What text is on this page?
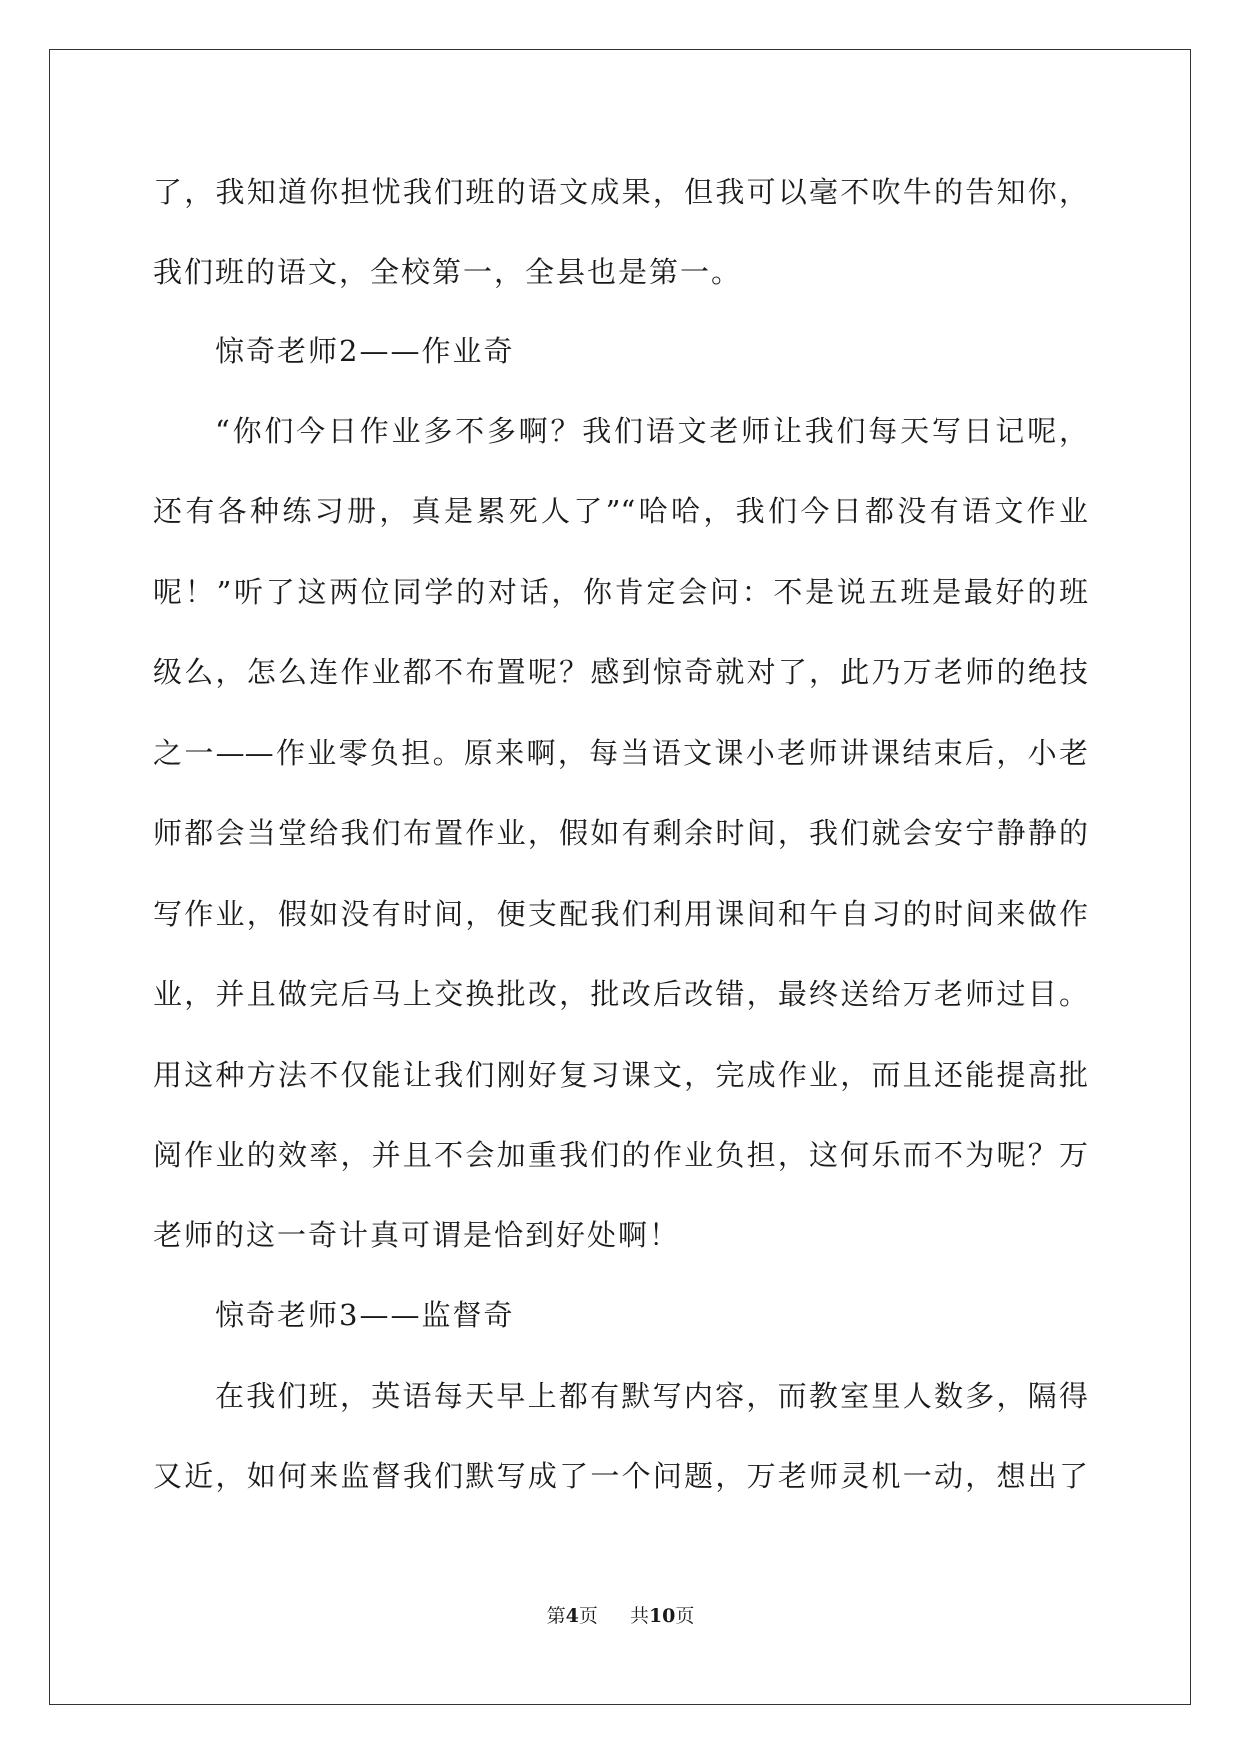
了，我知道你担忧我们班的语文成果，但我可以毫不吹牛的告知你，
我们班的语文，全校第一，全县也是第一。
惊奇老师2——作业奇
“你们今日作业多不多啊？我们语文老师让我们每天写日记呢，
还有各种练习册，真是累死人了”“哈哈，我们今日都没有语文作业
呢！”听了这两位同学的对话，你肯定会问：不是说五班是最好的班
级么，怎么连作业都不布置呢？感到惊奇就对了，此乃万老师的绝技
之一——作业零负担。原来啊，每当语文课小老师讲课结束后，小老
师都会当堂给我们布置作业，假如有剩余时间，我们就会安宁静静的
写作业，假如没有时间，便支配我们利用课间和午自习的时间来做作
业，并且做完后马上交换批改，批改后改错，最终送给万老师过目。
用这种方法不仅能让我们刚好复习课文，完成作业，而且还能提高批
阅作业的效率，并且不会加重我们的作业负担，这何乐而不为呢？万
老师的这一奇计真可谓是恰到好处啊！
惊奇老师3——监督奇
在我们班，英语每天早上都有默写内容，而教室里人数多，隔得
又近，如何来监督我们默写成了一个问题，万老师灵机一动，想出了
第4页 共10页
